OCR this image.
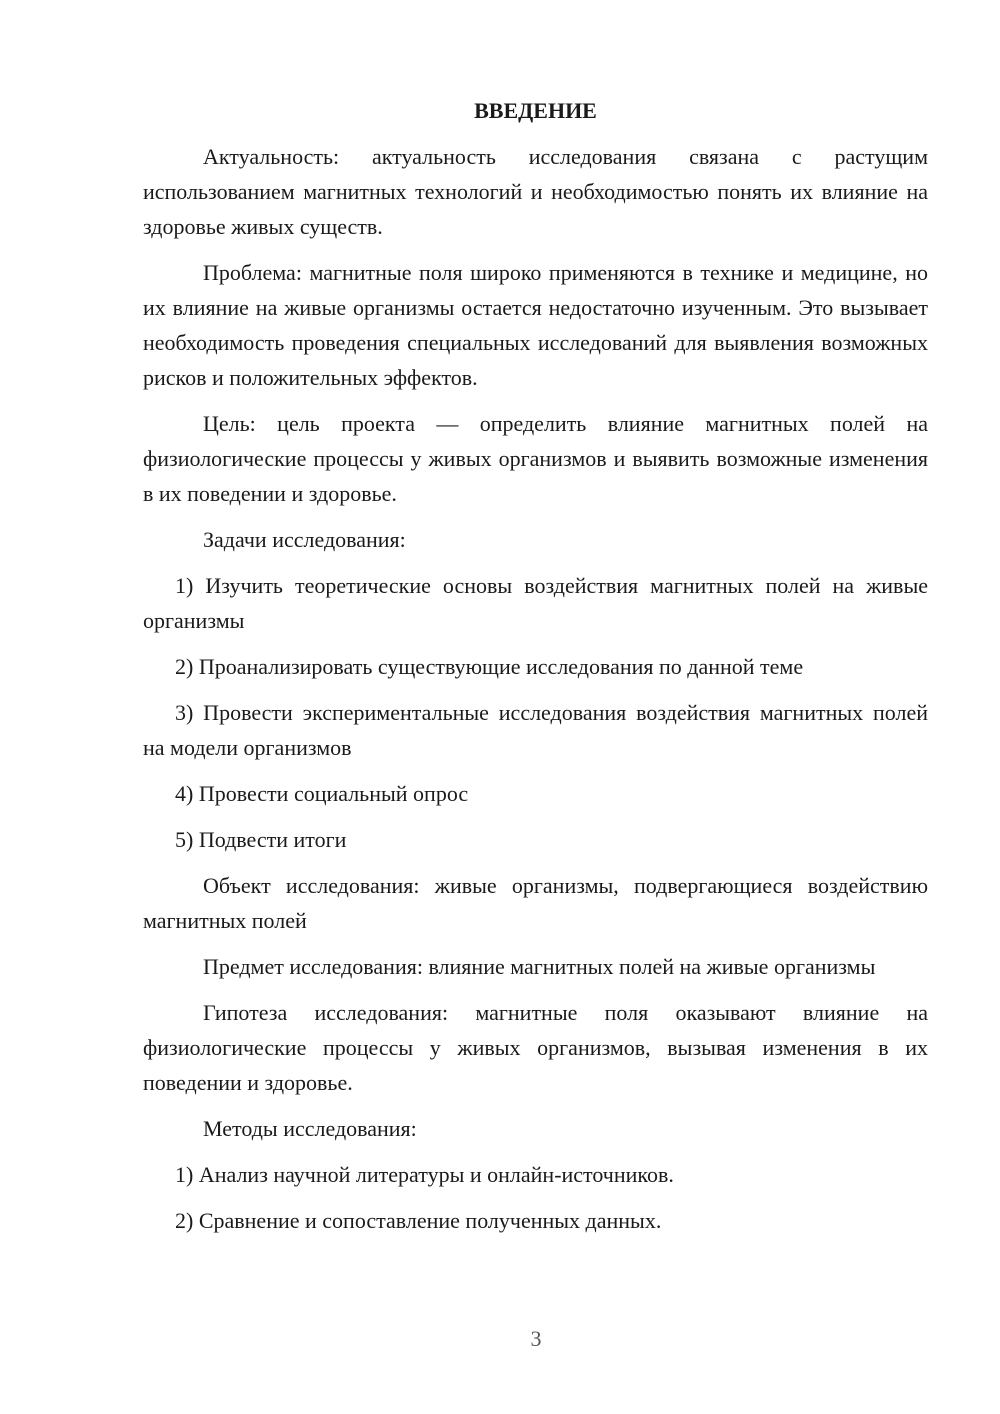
ВВЕДЕНИЕ

Актуальность: актуальность исследования связана с растущим использованием магнитных технологий и необходимостью понять их влияние на здоровье живых существ.

Проблема: магнитные поля широко применяются в технике и медицине, но их влияние на живые организмы остается недостаточно изученным. Это вызывает необходимость проведения специальных исследований для выявления возможных рисков и положительных эффектов.

Цель: цель проекта — определить влияние магнитных полей на физиологические процессы у живых организмов и выявить возможные изменения в их поведении и здоровье.

Задачи исследования:

1) Изучить теоретические основы воздействия магнитных полей на живые организмы

2) Проанализировать существующие исследования по данной теме

3) Провести экспериментальные исследования воздействия магнитных полей на модели организмов

4) Провести социальный опрос

5) Подвести итоги

Объект исследования: живые организмы, подвергающиеся воздействию магнитных полей

Предмет исследования: влияние магнитных полей на живые организмы

Гипотеза исследования: магнитные поля оказывают влияние на физиологические процессы у живых организмов, вызывая изменения в их поведении и здоровье.

Методы исследования:

1) Анализ научной литературы и онлайн-источников.

2) Сравнение и сопоставление полученных данных.

3
